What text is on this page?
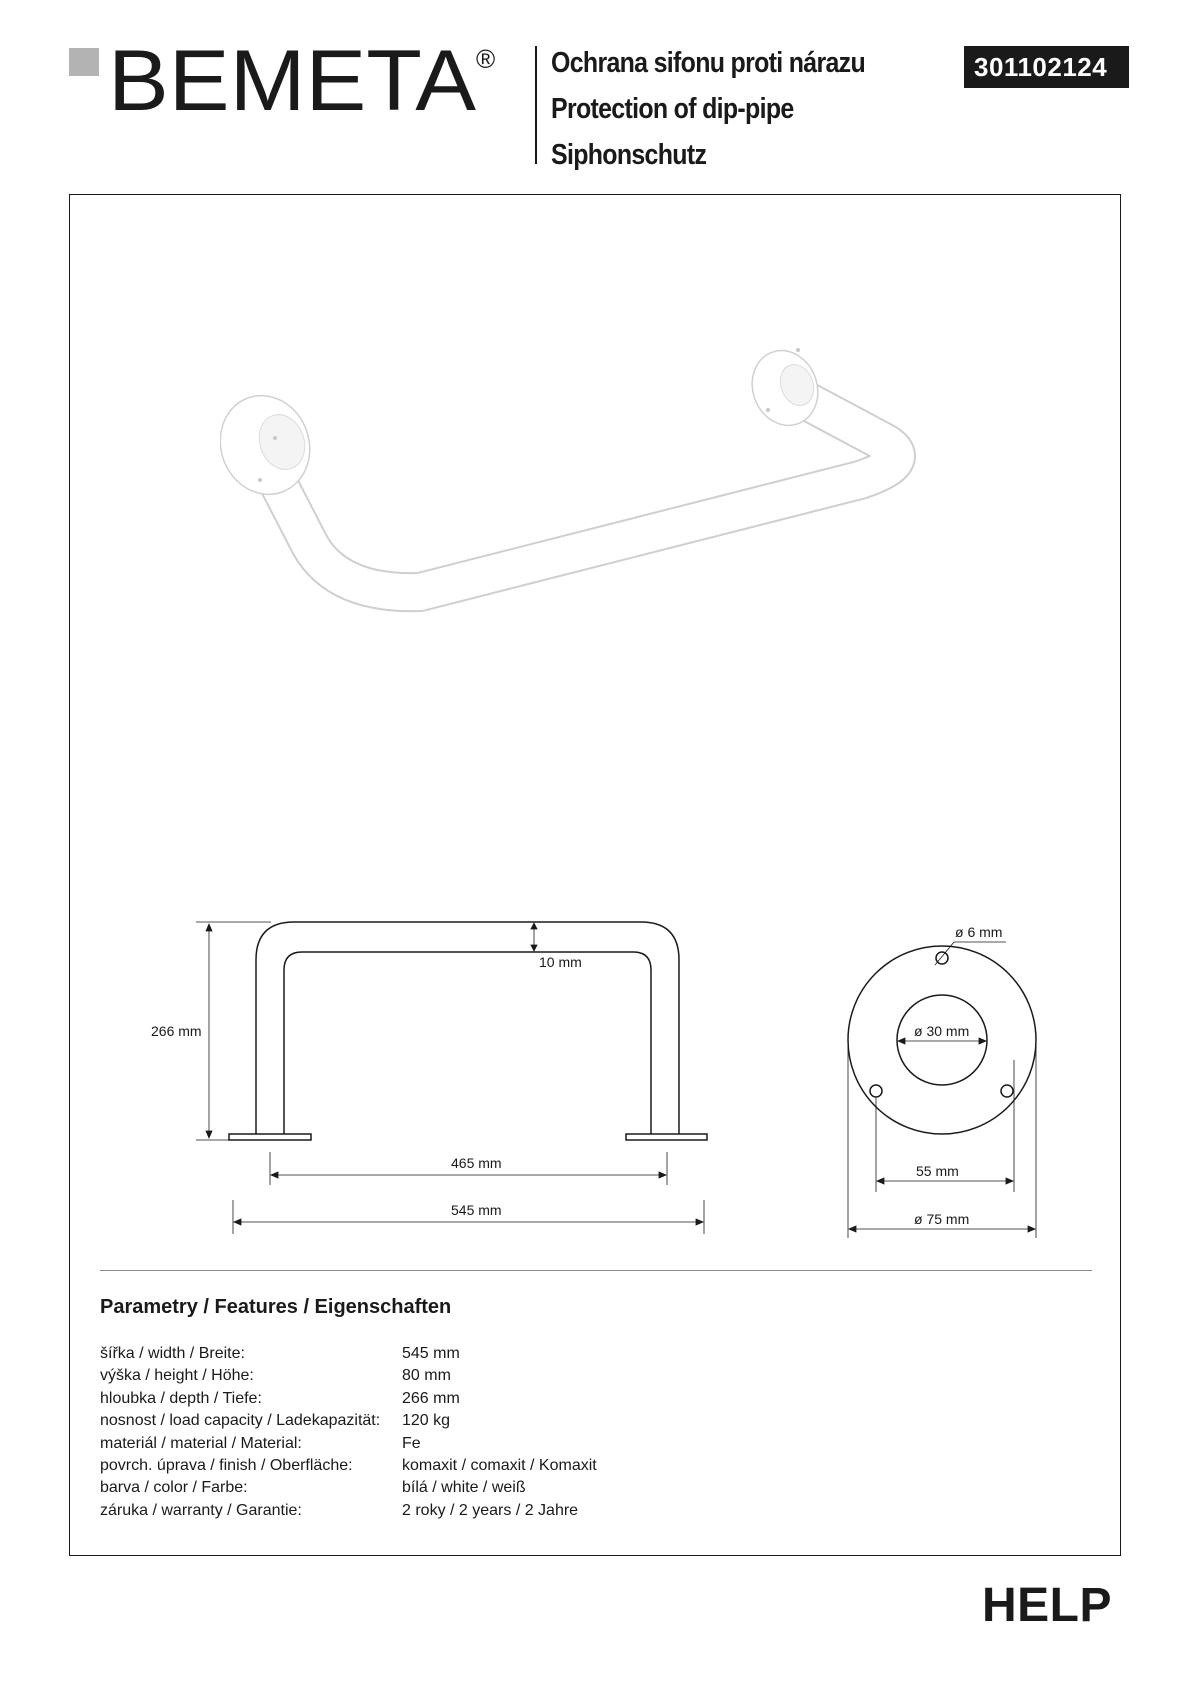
BEMETA ® Ochrana sifonu proti nárazu
Protection of dip-pipe
Siphonschutz
301102124
266 mm
10 mm
465 mm
545 mm
ø 6 mm
ø 30 mm
55 mm
ø 75 mm
Parametry / Features / Eigenschaften
šířka / width / Breite:	545 mm
výška / height / Höhe:	80 mm
hloubka / depth / Tiefe:	266 mm
nosnost / load capacity / Ladekapazität:	120 kg
materiál / material / Material:	Fe
povrch. úprava / finish / Oberfläche:	komaxit / comaxit / Komaxit
barva / color / Farbe:	bílá / white / weiß
záruka / warranty / Garantie:	2 roky / 2 years / 2 Jahre
HELP
